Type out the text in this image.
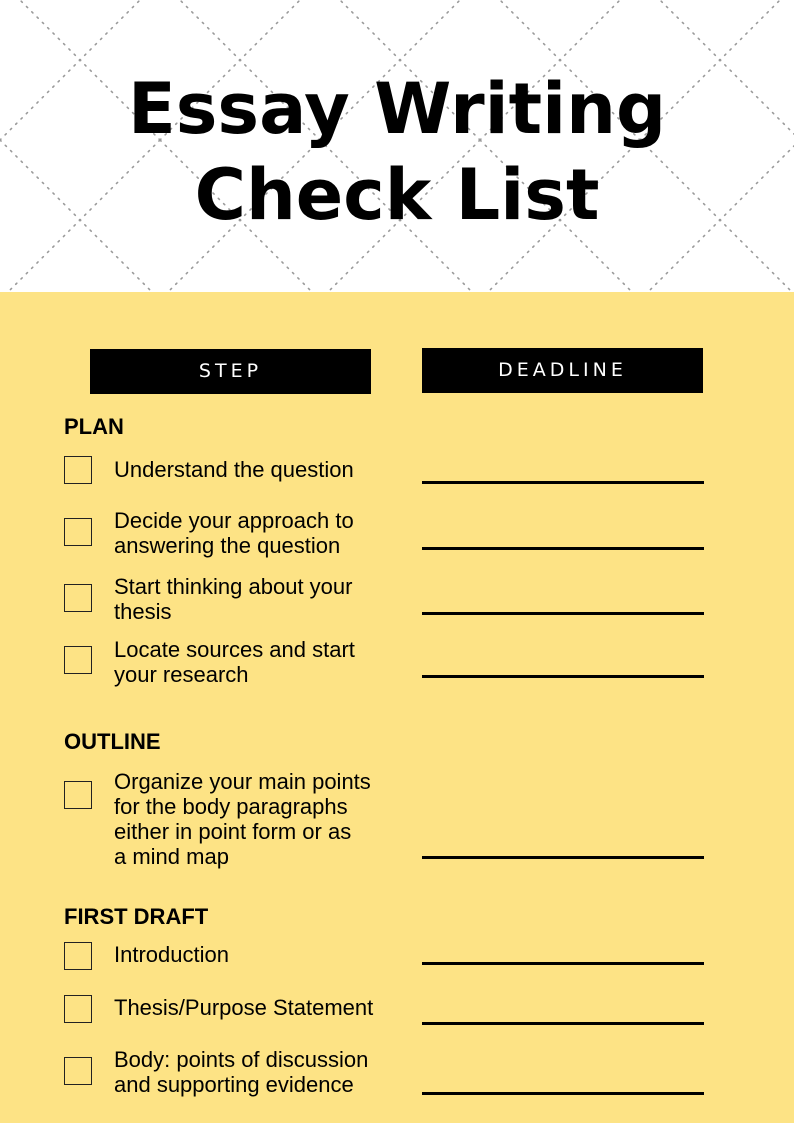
Essay Writing
Check List
STEP	DEADLINE
PLAN
Understand the question
Decide your approach to
answering the question
Start thinking about your
thesis
Locate sources and start
your research
OUTLINE
Organize your main points
for the body paragraphs
either in point form or as
a mind map
FIRST DRAFT
Introduction
Thesis/Purpose Statement
Body: points of discussion
and supporting evidence
